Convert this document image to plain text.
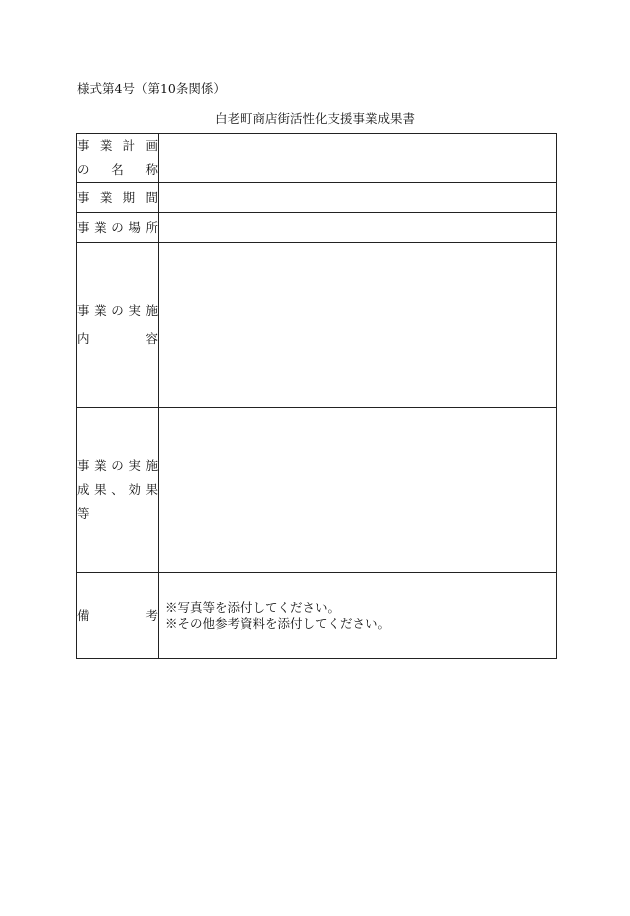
様式第4号（第10条関係）
白老町商店街活性化支援事業成果書
事業計画
の 名 称	

事業期間	

事業の場所	

事業の実施
内　　容	

事業の実施
成果、効果
等	

備　　考	※写真等を添付してください。
※その他参考資料を添付してください。
